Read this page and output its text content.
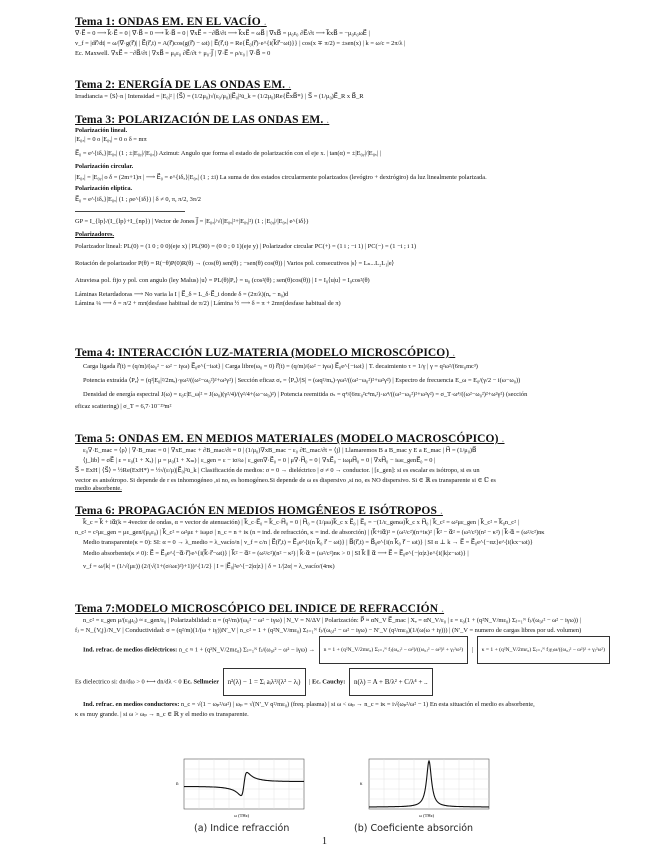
Tema 1: ONDAS EM. EN EL VACÍO .
∇⃗·E⃗ = 0 ⟶ k⃗·E⃗ = 0 | ∇⃗·B⃗ = 0 ⟶ k⃗·B⃗ = 0 | ∇⃗xE⃗ = −∂B⃗/∂t ⟶ k⃗xE⃗ = ωB⃗ | ∇⃗xB⃗ = μ₀ε₀ ∂E⃗/∂t ⟶ k⃗xB⃗ = −μ₀ε₀ωE⃗ |
v_f = |dr⃗/dt| = ω/|∇⃗·g(r⃗)| | E⃗(r⃗,t) = A(r⃗)cos(g(r⃗) − ωt) | E⃗(r⃗,t) = Re{E⃗₀(r⃗)·e^{i(k⃗r⃗−ωt)}} | cos(x ∓ π/2) = ±sen(x) | k = ω/c = 2π/λ |
Ec. Maxwell. ∇xE⃗ = −∂B⃗/∂t | ∇xB⃗ = μ₀ε₀ ∂E⃗/∂t + μ₀·J⃗ | ∇·E⃗ = ρ/ε₀ | ∇·B⃗ = 0
Tema 2: ENERGÍA DE LAS ONDAS EM. .
Irradiancia = ⟨S⟩·n | Intensidad = |E₀|² | ⟨S⃗⟩ = (1/2μ₀)√(ε₀/μ₀)|E⃗₀|²ū_k = (1/2μ₀)Re{E⃗xB⃗*} | S⃗ = (1/μ₀)E⃗_R x B⃗_R
Tema 3: POLARIZACIÓN DE LAS ONDAS EM. .
Polarización lineal.
|E₀ₓ| = 0 o |E₀ᵧ| = 0 o δ = mπ
E⃗₀ = e^{iδₓ}|E₀ₓ| (1 ; ±|E₀ᵧ|/|E₀ₓ|) Azimut: Angulo que forma el estado de polarización con el eje x. | tan(α) = ±|E₀ᵧ|/|E₀ₓ| |
Polarización circular.
|E₀ₓ| = |E₀ᵧ| o δ = (2m+1)π | ⟶ E⃗₀ = e^{iδₓ}|E₀ₓ| (1 ; ±i) La suma de dos estados circularmente polarizados (levógiro + dextrógiro) da luz linealmente polarizada.
Polarización elíptica.
E⃗₀ = e^{iδₓ}|E₀ₓ| (1 ; ρe^{iδ}) | δ ≠ 0, π, π/2, 3π/2
GP = I_{lp}/(I_{lp}+I_{np}) | Vector de Jones J⃗ = |E₀ₓ|/√(|E₀ₓ|²+|E₀ᵧ|²) (1 ; |E₀ᵧ|/|E₀ₓ| e^{iδ})
Polarizadores.
Polarizador lineal: PL(0) = (1 0 ; 0 0)(eje x) | PL(90) = (0 0 ; 0 1)(eje y) | Polarizador circular PC(+) = (1 i ; −i 1) | PC(−) = (1 −i ; i 1)
Rotación de polarizador P(θ) = R(−θ)P(0)R(θ) → (cos(θ) sen(θ) ; −sen(θ) cos(θ)) | Varios pol. consecutivos |s⟩ = Lₙ...L₂L₁|e⟩
Atraviesa pol. fijo y pol. con angulo (ley Malus) |u⟩ = PL(θ)|Pₓ⟩ = u₀ (cos²(θ) ; sen(θ)cos(θ)) | I = I₀⟨u|u⟩ = I₀cos²(θ)
Láminas Retardadoras ⟶ No varia la I | E⃗_δ = L_δ·E⃗_i donde δ = (2π/λ)(nₑ − n₀)d
Lámina ¼ ⟶ δ = π/2 + mπ(desfase habitual de π/2) | Lámina ½ ⟶ δ = π + 2mπ(desfase habitual de π)
Tema 4: INTERACCIÓN LUZ-MATERIA (MODELO MICROSCÓPICO) .
Carga ligada r⃗(t) = (q/m)/(ω₀² − ω² − iγω) E⃗₀e^{−iωt} | Carga libre(ω₀ = 0) r⃗(t) = (q/m)/(ω² − iγω) E⃗₀e^{−iωt} | T. decaimiento τ = 1/γ | γ = q²ω²/(6πε₀mc³)
Potencia extraída ⟨Pₑ⟩ = (q²|E₀|²/2mₑ)·γω²/((ω²−ω₀²)²+ω²γ²) | Sección eficaz σₑ = ⟨Pₑ⟩/|S| = (ωq²/mₑ)·γω²/((ω²−ω₀²)²+ω²γ²) | Espectro de frecuencia E_ω = E₀/(γ/2 − i(ω−ω₀))
Densidad de energía espectral J(ω) = ε₀c|E_ω|² = J(ω₀)(γ²/4)/(γ²/4+(ω−ω₀)²) | Potencia reemitida σₛ = q⁴/(6πε₀²c⁴mₑ²)·ω⁴/((ω²−ω₀²)²+ω²γ²) = σ_T·ω⁴/((ω²−ω₀²)²+ω²γ²) (sección
eficaz scattering) | σ_T = 6,7·10⁻²⁹m²
Tema 5: ONDAS EM. EN MEDIOS MATERIALES (MODELO MACROSCÓPICO) .
ε₀∇·E_mac = ⟨ρ⟩ | ∇·B_mac = 0 | ∇xE_mac + ∂B_mac/∂t = 0 | (1/μ₀)∇xB_mac − ε₀ ∂E_mac/∂t = ⟨j⟩ | Llamaremos B a B_mac y E a E_mac | H⃗ = (1/μ₀)B⃗
⟨j_lib⟩ = σE⃗ | ε = ε₀(1 + Xₑ) | μ = μ₀(1 + Xₘ) | ε_gen = ε − iσ/ω | ε_gen∇·E⃗₀ = 0 | μ∇·H⃗₀ = 0 | ∇xE⃗₀ − iωμH⃗₀ = 0 | ∇xH⃗₀ − iωε_genE⃗₀ = 0 |
S⃗ = ExH | ⟨S⃗⟩ = ½Re(ExH*) = ½√(ε/μ)|E⃗₀|²ū_k | Clasificación de medios: σ = 0 → dieléctrico | σ ≠ 0 → conductor. | [ε_gen]: si es escalar es isótropo, si es un
vector es anisótropo. Si depende de r es inhomogéneo ,si no, es homogéneo.Si depende de ω es dispersivo ,si no, es NO dispersivo. Si ∈ ℝ es transparente si ∈ ℂ es
medio absorbente.
Tema 6: PROPAGACIÓN EN MEDIOS HOMGÉNEOS E ISÓTROPOS .
k⃗_c = k⃗ + iα⃗(k = 4vector de ondas, α = vector de atenuación) | k⃗_c·E⃗₀ = k⃗_c·H⃗₀ = 0 | H⃗₀ = (1/μω)k⃗_c x E⃗₀ | E⃗₀ = −(1/ε_genω)k⃗_c x H⃗₀ | k⃗_c² = ω²με_gen | k⃗_c² = k⃗₀n_c² |
n_c² = c²με_gen = με_gen/(μ₀ε₀) | k⃗_c² = ω²με + iωμσ | n_c = n + iκ (n = ind. de refracción, κ = ind. de absorción) | (k⃗+iα⃗)² = (ω²/c²)(n+iκ)² | k⃗² − α⃗² = (ω²/c²)(n² − κ²) | k⃗·α⃗ = (ω²/c²)nκ
Medio transparente(κ = 0): SI: α = 0 → λ_medio = λ_vacío/n | v_f = c/n | E⃗(r⃗,t) = E⃗₀e^{i(n k⃗₀ r⃗ − ωt)} | B⃗(r⃗,t) = B⃗₀e^{i(n k⃗₀ r⃗ − ωt)} | SI α ⊥ k → E⃗ = E⃗₀e^{−αz}e^{i(kx−ωt)}
Medio absorbente(κ ≠ 0): E⃗ = E⃗₀e^{−α⃗·r⃗}e^{i(k⃗·r⃗−ωt)} | k⃗² − α⃗² = (ω²/c²)(n² − κ²) | k⃗·α⃗ = (ω²/c²)nκ > 0 | SI k⃗ ∥ α⃗ ⟶ E⃗ = E⃗₀e^{−|α|z}e^{i(|k|z−ωt)} |
v_f = ω/|k| = (1/√(με)) (2/(√(1+(σ/ωε)²)+1))^{1/2} | I = |E⃗₀|²e^{−2|α|z} | δ = 1/|2α| = λ_vacío/(4πκ)
Tema 7:MODELO MICROSCÓPICO DEL INDICE DE REFRACCIÓN .
n_c² = ε_gen μ/(ε₀μ₀) ≈ ε_gen/ε₀ | Polarizabilidad: α = (q²/m)/(ω₀² − ω² − iγω) | N_V = N/ΔV | Polarización: P⃗ ≈ αN_V E⃗_mac | Xₑ = αN_V/ε₀ | ε = ε₀(1 + (q²N_V/mε₀) Σⱼ₌₁ᴺ fⱼ/(ω₀ⱼ² − ω² − iγω)) |
fⱼ = N_{V,j}/N_V | Conductividad: σ = (q²/m)(1/(ω + iγ))N′_V | n_c² = 1 + (q²N_V/mε₀) Σⱼ₌₁ᴺ fⱼ/(ω₀ⱼ² − ω² − iγω) − N′_V (q²/mε₀)(1/(ω(ω + iγ))) | (N′_V = numero de cargas libres por ud. volumen)
Ind. refrac. de medios dieléctricos: n_c ≈ 1 + (q²N_V/2mε₀) Σⱼ₌₁ᴺ fⱼ/(ω₀ⱼ² − ω² − iγω) → n = 1 + (q²N_V/2mε₀) Σⱼ₌₁ᴺ fⱼ(ω₀ⱼ² − ω²)/((ω₀ⱼ² − ω²)² + γⱼ²ω²) | κ = 1 + (q²N_V/2mε₀) Σⱼ₌₁ᴺ fⱼγⱼω/((ω₀ⱼ² − ω²)² + γⱼ²ω²)
Es dielectrico si: dn/dω > 0 ⟷ dn/dλ < 0 Ec. Sellmeier n²(λ) − 1 = Σᵢ aᵢλ²/(λ² − λᵢ) | Ec. Cauchy: n(λ) = A + B/λ² + C/λ⁴ + ..
Ind. refrac. en medios conductores: n_c = √(1 − ωₚ²/ω²) | ωₚ = √(N′_V q²/mε₀) (freq. plasma) | si ω < ωₚ → n_c = iκ = i√(ωₚ²/ω² − 1) En esta situación el medio es absorbente,
κ es muy grande. | si ω > ωₚ → n_c ∈ ℝ y el medio es transparente.
n
ω (THz)
κ
ω (THz)
(a) Indice refracción	(b) Coeficiente absorción
1
